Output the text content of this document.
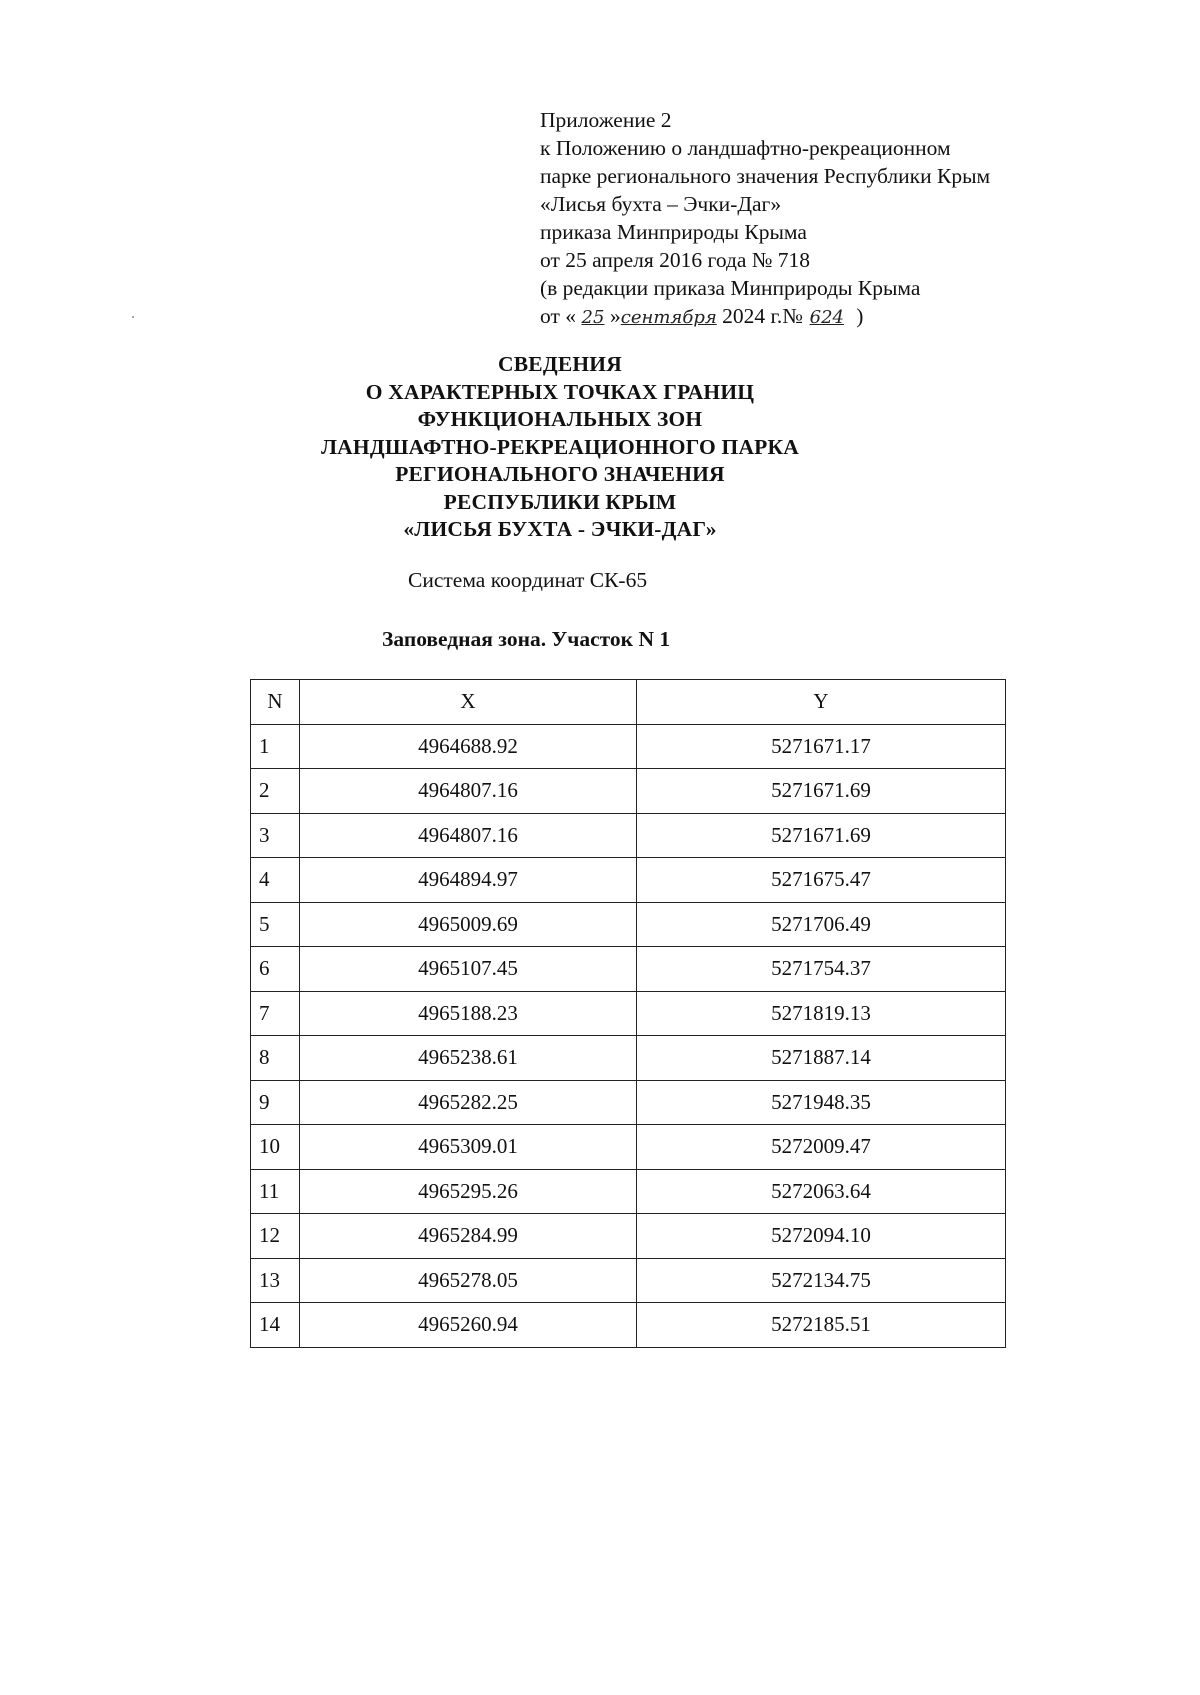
Приложение 2
к Положению о ландшафтно-рекреационном
парке регионального значения Республики Крым
«Лисья бухта – Эчки-Даг»
приказа Минприроды Крыма
от 25 апреля 2016 года № 718
(в редакции приказа Минприроды Крыма
от « 25 »сентября 2024 г.№ 624 )
СВЕДЕНИЯ
О ХАРАКТЕРНЫХ ТОЧКАХ ГРАНИЦ
ФУНКЦИОНАЛЬНЫХ ЗОН
ЛАНДШАФТНО-РЕКРЕАЦИОННОГО ПАРКА
РЕГИОНАЛЬНОГО ЗНАЧЕНИЯ
РЕСПУБЛИКИ КРЫМ
«ЛИСЬЯ БУХТА - ЭЧКИ-ДАГ»
Система координат СК-65
Заповедная зона. Участок N 1
N	X	Y
1	4964688.92	5271671.17
2	4964807.16	5271671.69
3	4964807.16	5271671.69
4	4964894.97	5271675.47
5	4965009.69	5271706.49
6	4965107.45	5271754.37
7	4965188.23	5271819.13
8	4965238.61	5271887.14
9	4965282.25	5271948.35
10	4965309.01	5272009.47
11	4965295.26	5272063.64
12	4965284.99	5272094.10
13	4965278.05	5272134.75
14	4965260.94	5272185.51
